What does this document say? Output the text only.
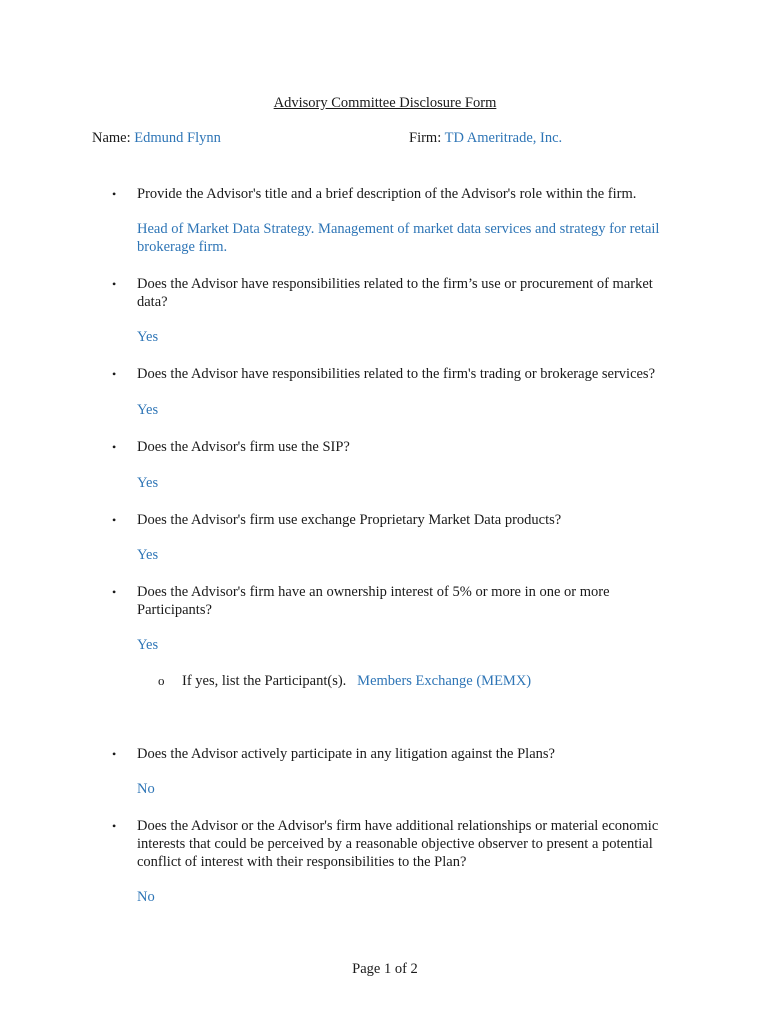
Advisory Committee Disclosure Form
Name: Edmund Flynn	Firm: TD Ameritrade, Inc.
• Provide the Advisor's title and a brief description of the Advisor's role within the firm.
Head of Market Data Strategy. Management of market data services and strategy for retail brokerage firm.
• Does the Advisor have responsibilities related to the firm’s use or procurement of market data?
Yes
• Does the Advisor have responsibilities related to the firm's trading or brokerage services?
Yes
• Does the Advisor's firm use the SIP?
Yes
• Does the Advisor's firm use exchange Proprietary Market Data products?
Yes
• Does the Advisor's firm have an ownership interest of 5% or more in one or more Participants?
Yes
o If yes, list the Participant(s). Members Exchange (MEMX)
• Does the Advisor actively participate in any litigation against the Plans?
No
• Does the Advisor or the Advisor's firm have additional relationships or material economic interests that could be perceived by a reasonable objective observer to present a potential conflict of interest with their responsibilities to the Plan?
No
Page 1 of 2
